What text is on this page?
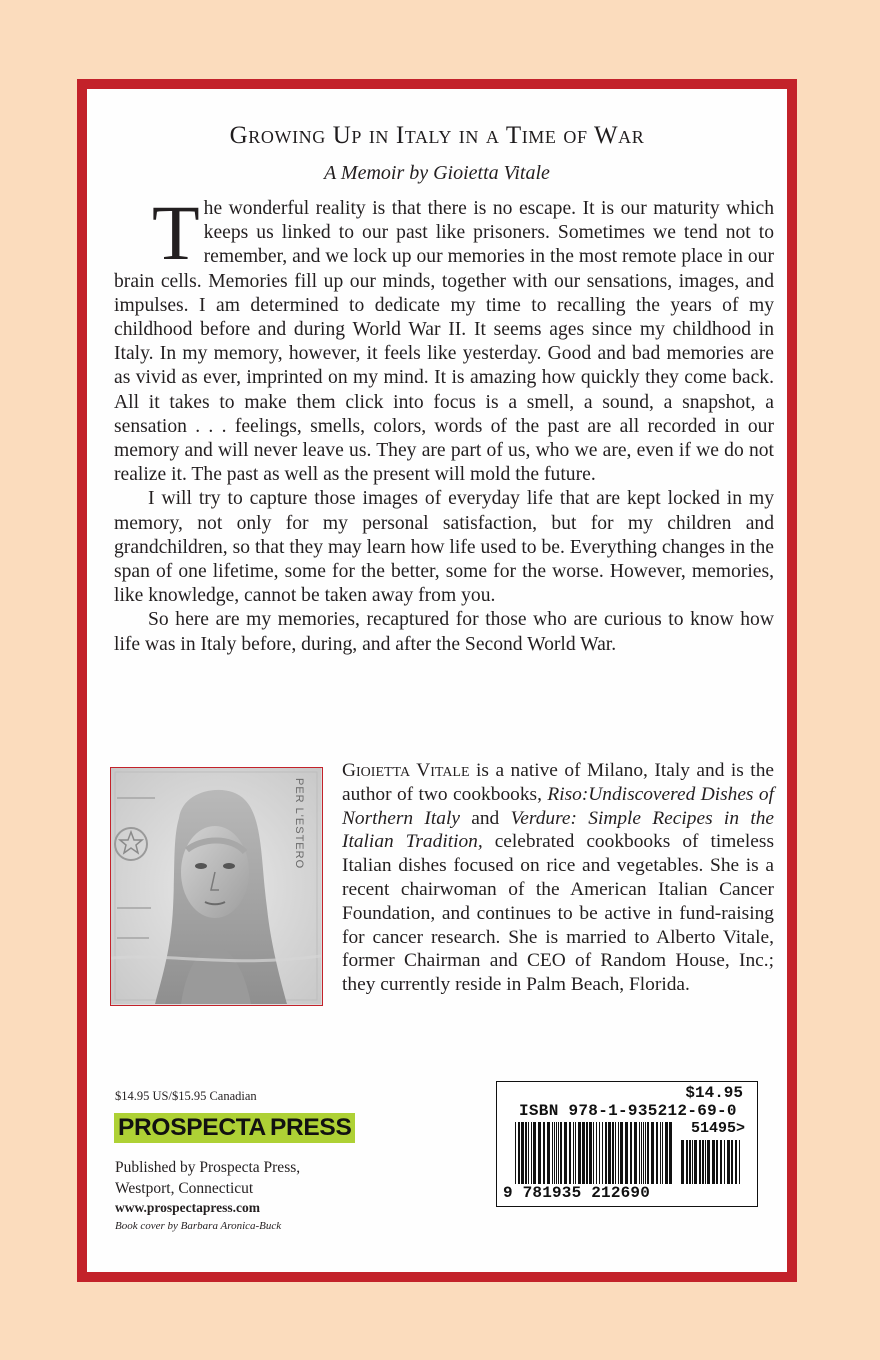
Growing Up in Italy in a Time of War
A Memoir by Gioietta Vitale

The wonderful reality is that there is no escape. It is our maturity which keeps us linked to our past like prisoners. Sometimes we tend not to remember, and we lock up our memories in the most remote place in our brain cells. Memories fill up our minds, together with our sensations, images, and impulses. I am determined to dedicate my time to recalling the years of my childhood before and during World War II. It seems ages since my childhood in Italy. In my memory, however, it feels like yesterday. Good and bad memories are as vivid as ever, imprinted on my mind. It is amazing how quickly they come back. All it takes to make them click into focus is a smell, a sound, a snapshot, a sensation . . . feelings, smells, colors, words of the past are all recorded in our memory and will never leave us. They are part of us, who we are, even if we do not realize it. The past as well as the present will mold the future.

I will try to capture those images of everyday life that are kept locked in my memory, not only for my personal satisfaction, but for my children and grandchildren, so that they may learn how life used to be. Everything changes in the span of one lifetime, some for the better, some for the worse. However, memories, like knowledge, cannot be taken away from you.

So here are my memories, recaptured for those who are curious to know how life was in Italy before, during, and after the Second World War.

PER L'ESTERO

Gioietta Vitale is a native of Milano, Italy and is the author of two cookbooks, Riso:Undiscovered Dishes of Northern Italy and Verdure: Simple Recipes in the Italian Tradition, celebrated cookbooks of timeless Italian dishes focused on rice and vegetables. She is a recent chairwoman of the American Italian Cancer Foundation, and continues to be active in fund-raising for cancer research. She is married to Alberto Vitale, former Chairman and CEO of Random House, Inc.; they currently reside in Palm Beach, Florida.

$14.95 US/$15.95 Canadian
PROSPECTA PRESS
Published by Prospecta Press,
Westport, Connecticut
www.prospectapress.com
Book cover by Barbara Aronica-Buck
$14.95
ISBN 978-1-935212-69-0
51495>
9 781935 212690
